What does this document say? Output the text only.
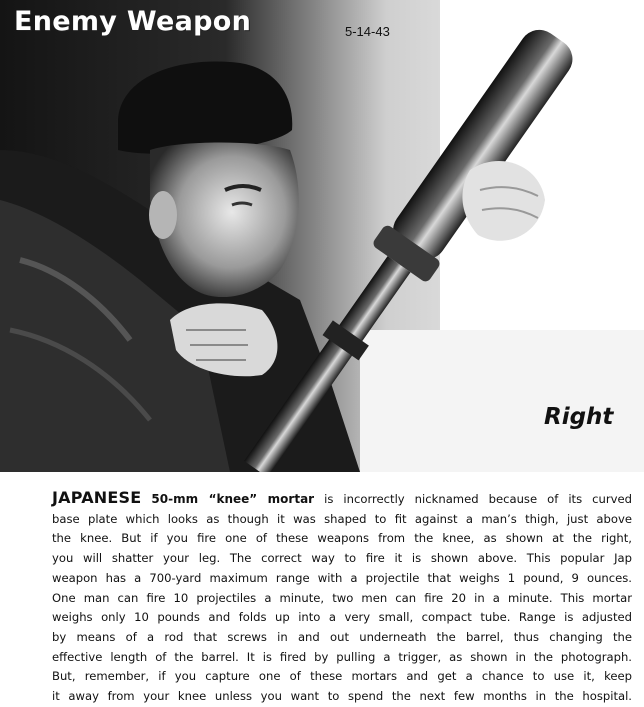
Enemy Weapon	5-14-43
Right
JAPANESE 50-mm “knee” mortar is incorrectly nicknamed because of its curved
base plate which looks as though it was shaped to fit against a man’s thigh, just above
the knee. But if you fire one of these weapons from the knee, as shown at the right,
you will shatter your leg. The correct way to fire it is shown above. This popular Jap
weapon has a 700-yard maximum range with a projectile that weighs 1 pound, 9 ounces.
One man can fire 10 projectiles a minute, two men can fire 20 in a minute. This mortar
weighs only 10 pounds and folds up into a very small, compact tube. Range is adjusted
by means of a rod that screws in and out underneath the barrel, thus changing the
effective length of the barrel. It is fired by pulling a trigger, as shown in the photograph.
But, remember, if you capture one of these mortars and get a chance to use it, keep
it away from your knee unless you want to spend the next few months in the hospital.
